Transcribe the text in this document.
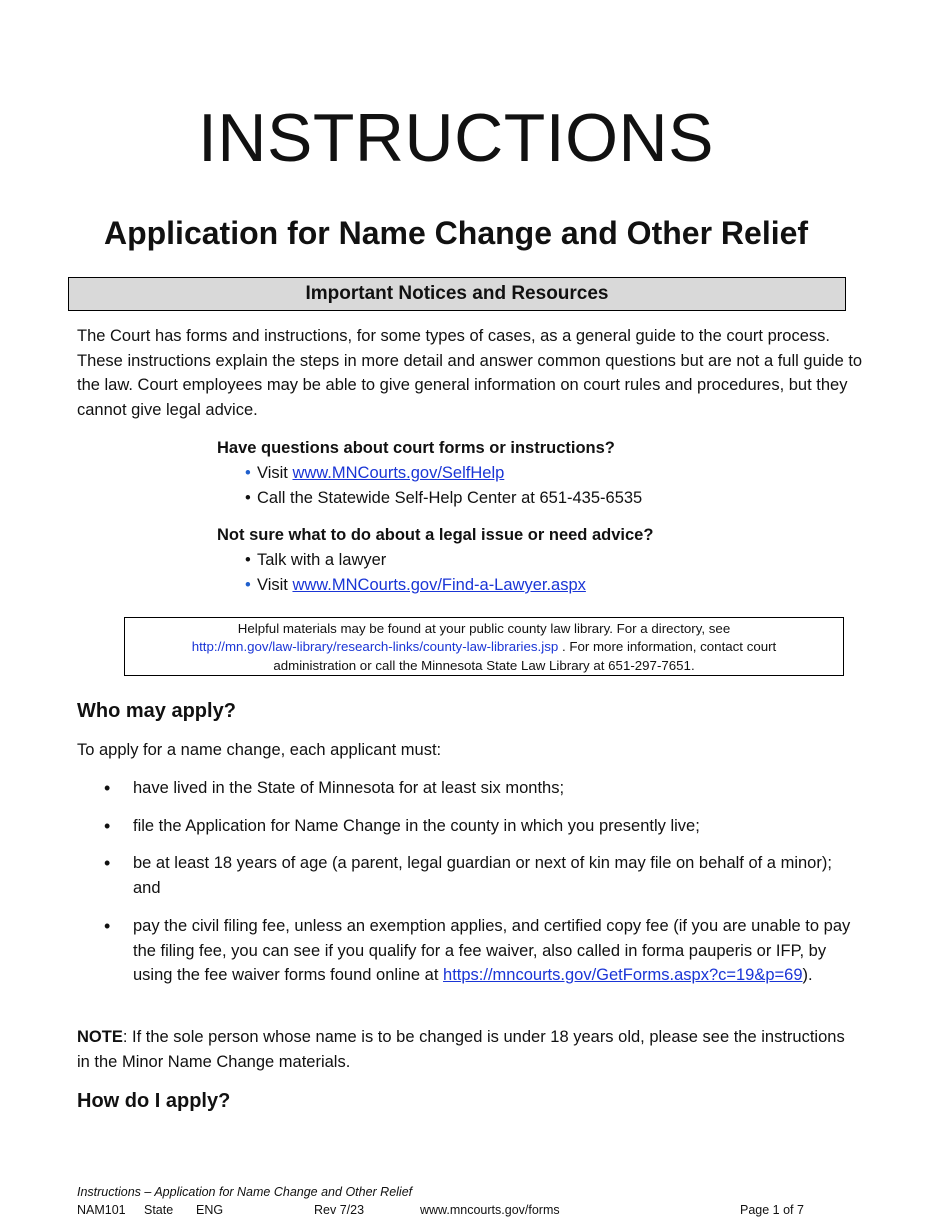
INSTRUCTIONS
Application for Name Change and Other Relief
Important Notices and Resources
The Court has forms and instructions, for some types of cases, as a general guide to the court process. These instructions explain the steps in more detail and answer common questions but are not a full guide to the law. Court employees may be able to give general information on court rules and procedures, but they cannot give legal advice.
Have questions about court forms or instructions?
• Visit www.MNCourts.gov/SelfHelp
• Call the Statewide Self-Help Center at 651-435-6535
Not sure what to do about a legal issue or need advice?
• Talk with a lawyer
• Visit www.MNCourts.gov/Find-a-Lawyer.aspx
Helpful materials may be found at your public county law library. For a directory, see
http://mn.gov/law-library/research-links/county-law-libraries.jsp . For more information, contact court
administration or call the Minnesota State Law Library at 651-297-7651.
Who may apply?
To apply for a name change, each applicant must:
• have lived in the State of Minnesota for at least six months;
• file the Application for Name Change in the county in which you presently live;
• be at least 18 years of age (a parent, legal guardian or next of kin may file on behalf of a minor); and
• pay the civil filing fee, unless an exemption applies, and certified copy fee (if you are unable to pay the filing fee, you can see if you qualify for a fee waiver, also called in forma pauperis or IFP, by using the fee waiver forms found online at https://mncourts.gov/GetForms.aspx?c=19&p=69).
NOTE: If the sole person whose name is to be changed is under 18 years old, please see the instructions in the Minor Name Change materials.
How do I apply?
Instructions – Application for Name Change and Other Relief
NAM101 State ENG	Rev 7/23	www.mncourts.gov/forms	Page 1 of 7
